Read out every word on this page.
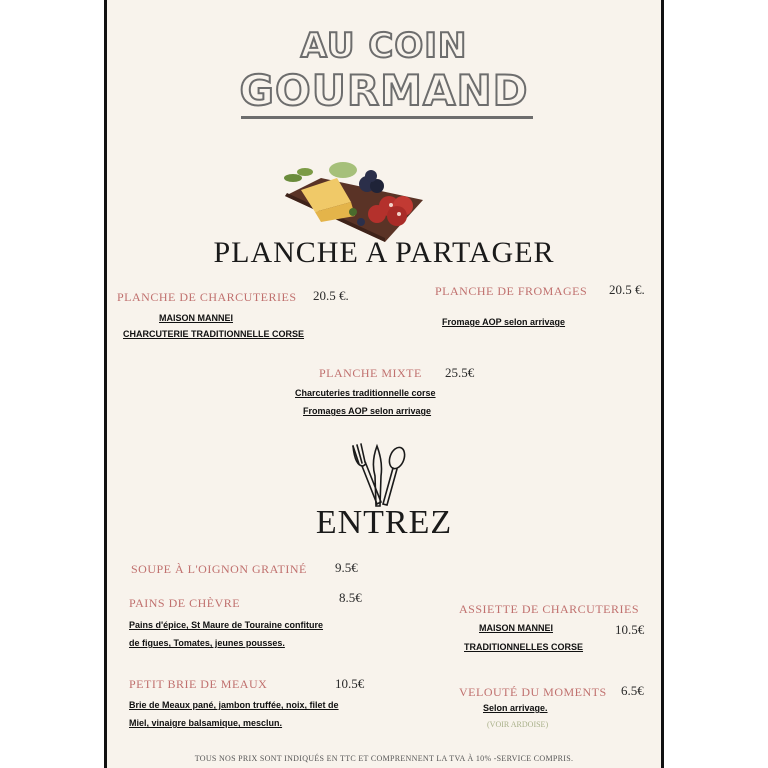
AU COIN
GOURMAND
PLANCHE A PARTAGER
PLANCHE DE CHARCUTERIES 20.5 €.
MAISON MANNEI
CHARCUTERIE TRADITIONNELLE CORSE
PLANCHE DE FROMAGES 20.5 €.
Fromage AOP selon arrivage
PLANCHE MIXTE 25.5€
Charcuteries traditionnelle corse
Fromages AOP selon arrivage
ENTREZ
SOUPE À L'OIGNON GRATINÉ 9.5€
PAINS DE CHÈVRE	8.5€
Pains d'épice, St Maure de Touraine confiture
de figues, Tomates, jeunes pousses.
ASSIETTE DE CHARCUTERIES
10.5€
MAISON MANNEI
TRADITIONNELLES CORSE
PETIT BRIE DE MEAUX	10.5€
Brie de Meaux pané, jambon truffée, noix, filet de
Miel, vinaigre balsamique, mesclun.
VELOUTÉ DU MOMENTS 6.5€
Selon arrivage.
(VOIR ARDOISE)
TOUS NOS PRIX SONT INDIQUÉS EN TTC ET COMPRENNENT LA TVA À 10% -SERVICE COMPRIS.
